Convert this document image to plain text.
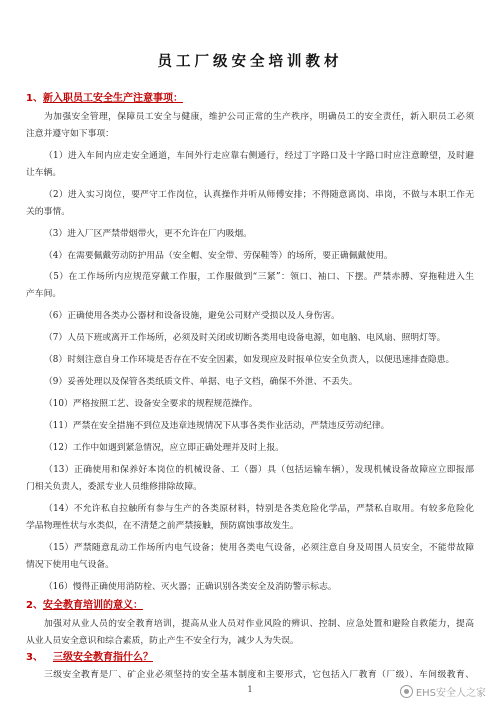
员工厂级安全培训教材
1、新入职员工安全生产注意事项：
为加强安全管理，保障员工安全与健康，维护公司正常的生产秩序，明确员工的安全责任，新入职员工必须
注意并遵守如下事项：
（1）进入车间内应走安全通道，车间外行走应靠右侧通行，经过丁字路口及十字路口时应注意瞭望，及时避
让车辆。
（2）进入实习岗位，要严守工作岗位，认真操作并听从师傅安排；不得随意离岗、串岗，不做与本职工作无
关的事情。
（3）进入厂区严禁带烟带火，更不允许在厂内吸烟。
（4）在需要佩戴劳动防护用品（安全帽、安全带、劳保鞋等）的场所，要正确佩戴使用。
（5）在工作场所内应规范穿戴工作服，工作服做到“三紧”：领口、袖口、下摆。严禁赤膊、穿拖鞋进入生
产车间。
（6）正确使用各类办公器材和设备设施，避免公司财产受损以及人身伤害。
（7）人员下班或离开工作场所，必须及时关闭或切断各类用电设备电源，如电脑、电风扇、照明灯等。
（8）时刻注意自身工作环境是否存在不安全因素，如发现应及时报单位安全负责人，以便迅速排查隐患。
（9）妥善处理以及保管各类纸质文件、单据、电子文档，确保不外泄、不丢失。
（10）严格按照工艺、设备安全要求的规程规范操作。
（11）严禁在安全措施不到位及违章违规情况下从事各类作业活动，严禁违反劳动纪律。
（12）工作中如遇到紧急情况，应立即正确处理并及时上报。
（13）正确使用和保养好本岗位的机械设备、工（器）具（包括运输车辆），发现机械设备故障应立即报部
门相关负责人，委派专业人员维修排除故障。
（14）不允许私自拉触所有参与生产的各类原材料，特别是各类危险化学品，严禁私自取用。有较多危险化
学品物理性状与水类似，在不清楚之前严禁接触，预防腐蚀事故发生。
（15）严禁随意乱动工作场所内电气设备；使用各类电气设备，必须注意自身及周围人员安全，不能带故障
情况下使用电气设备。
（16）慢得正确使用消防栓、灭火器；正确识别各类安全及消防警示标志。
2、安全教育培训的意义：
加强对从业人员的安全教育培训，提高从业人员对作业风险的辨识、控制、应急处置和避险自救能力，提高
从业人员安全意识和综合素质，防止产生不安全行为，减少人为失误。
3、 三级安全教育指什么？
三级安全教育是厂、矿企业必须坚持的安全基本制度和主要形式，它包括入厂教育（厂级）、车间级教育、
1	EHS安全人之家
